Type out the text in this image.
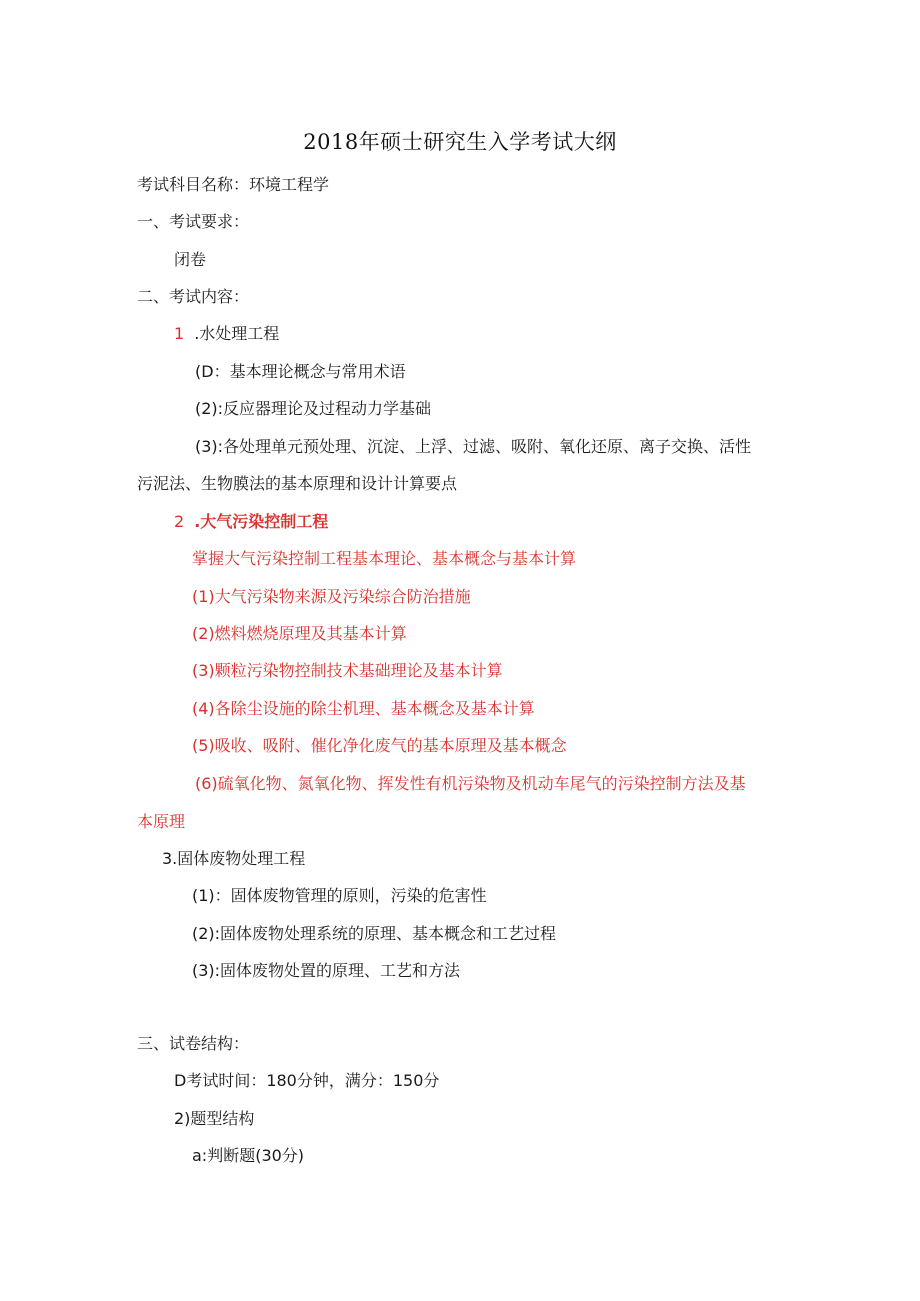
2018年硕士研究生入学考试大纲
考试科目名称：环境工程学
一、考试要求：
闭卷
二、考试内容：
1 .水处理工程
(D：基本理论概念与常用术语
(2):反应器理论及过程动力学基础
(3):各处理单元预处理、沉淀、上浮、过滤、吸附、氧化还原、离子交换、活性
污泥法、生物膜法的基本原理和设计计算要点
2 .大气污染控制工程
掌握大气污染控制工程基本理论、基本概念与基本计算
(1)大气污染物来源及污染综合防治措施
(2)燃料燃烧原理及其基本计算
(3)颗粒污染物控制技术基础理论及基本计算
(4)各除尘设施的除尘机理、基本概念及基本计算
(5)吸收、吸附、催化净化废气的基本原理及基本概念
(6)硫氧化物、氮氧化物、挥发性有机污染物及机动车尾气的污染控制方法及基
本原理
3.固体废物处理工程
(1)：固体废物管理的原则，污染的危害性
(2):固体废物处理系统的原理、基本概念和工艺过程
(3):固体废物处置的原理、工艺和方法
三、试卷结构：
D考试时间：180分钟，满分：150分
2)题型结构
a:判断题(30分)
